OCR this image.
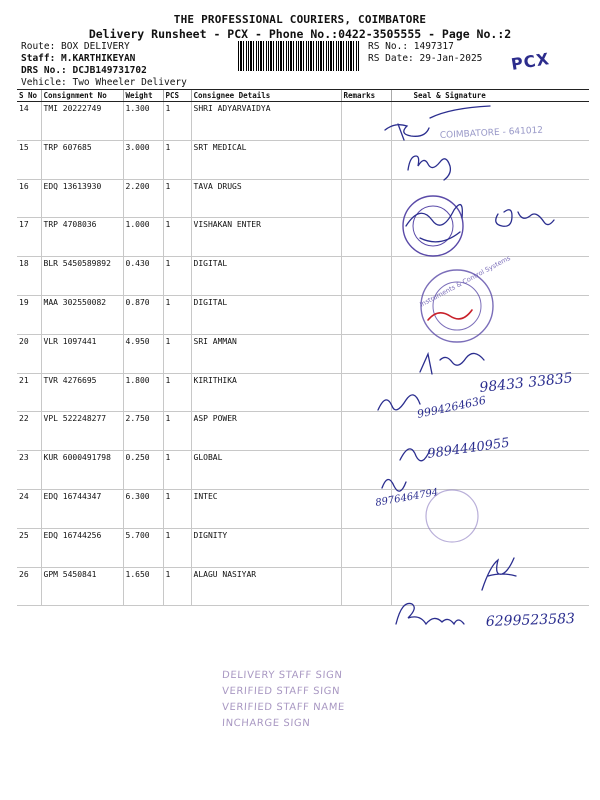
THE PROFESSIONAL COURIERS, COIMBATORE
Delivery Runsheet - PCX - Phone No.:0422-3505555 - Page No.:2
Route: BOX DELIVERY
Staff: M.KARTHIKEYAN
DRS No.: DCJB149731702
Vehicle: Two Wheeler Delivery
RS No.: 1497317
RS Date: 29-Jan-2025 PCX
S No	Consignment No	Weight	PCS	Consignee Details	Remarks	Seal & Signature
14	TMI 20222749	1.300	1	SHRI ADYARVAIDYA		
15	TRP 607685	3.000	1	SRT MEDICAL		
16	EDQ 13613930	2.200	1	TAVA DRUGS		
17	TRP 4708036	1.000	1	VISHAKAN ENTER		
18	BLR 5450589892	0.430	1	DIGITAL		
19	MAA 302550082	0.870	1	DIGITAL		
20	VLR 1097441	4.950	1	SRI AMMAN		
21	TVR 4276695	1.800	1	KIRITHIKA		
22	VPL 522248277	2.750	1	ASP POWER		
23	KUR 6000491798	0.250	1	GLOBAL		
24	EDQ 16744347	6.300	1	INTEC		
25	EDQ 16744256	5.700	1	DIGNITY		
26	GPM 5450841	1.650	1	ALAGU NASIYAR		
COIMBATORE - 641012
Instruments & Control Systems
98433 33835
9994264636
9894440955
8976464794
6299523583
DELIVERY STAFF SIGN
VERIFIED STAFF SIGN
VERIFIED STAFF NAME
INCHARGE SIGN
